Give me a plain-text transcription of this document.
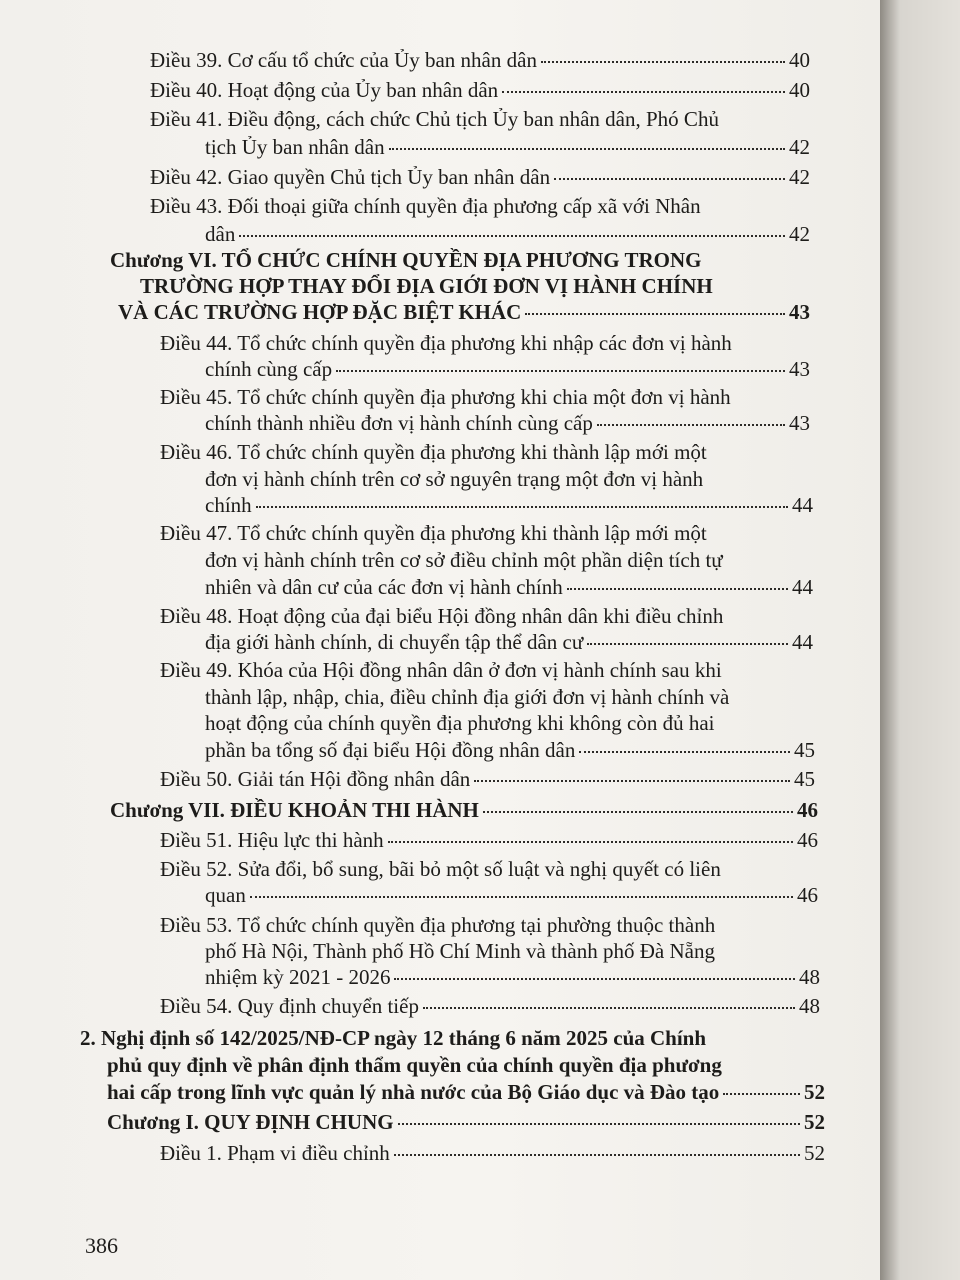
Điều 39. Cơ cấu tổ chức của Ủy ban nhân dân	40
Điều 40. Hoạt động của Ủy ban nhân dân	40
Điều 41. Điều động, cách chức Chủ tịch Ủy ban nhân dân, Phó Chủ
tịch Ủy ban nhân dân	42
Điều 42. Giao quyền Chủ tịch Ủy ban nhân dân	42
Điều 43. Đối thoại giữa chính quyền địa phương cấp xã với Nhân
dân	42
Chương VI. TỔ CHỨC CHÍNH QUYỀN ĐỊA PHƯƠNG TRONG
TRƯỜNG HỢP THAY ĐỔI ĐỊA GIỚI ĐƠN VỊ HÀNH CHÍNH
VÀ CÁC TRƯỜNG HỢP ĐẶC BIỆT KHÁC	43
Điều 44. Tổ chức chính quyền địa phương khi nhập các đơn vị hành
chính cùng cấp	43
Điều 45. Tổ chức chính quyền địa phương khi chia một đơn vị hành
chính thành nhiều đơn vị hành chính cùng cấp	43
Điều 46. Tổ chức chính quyền địa phương khi thành lập mới một
đơn vị hành chính trên cơ sở nguyên trạng một đơn vị hành
chính	44
Điều 47. Tổ chức chính quyền địa phương khi thành lập mới một
đơn vị hành chính trên cơ sở điều chỉnh một phần diện tích tự
nhiên và dân cư của các đơn vị hành chính	44
Điều 48. Hoạt động của đại biểu Hội đồng nhân dân khi điều chỉnh
địa giới hành chính, di chuyển tập thể dân cư	44
Điều 49. Khóa của Hội đồng nhân dân ở đơn vị hành chính sau khi
thành lập, nhập, chia, điều chỉnh địa giới đơn vị hành chính và
hoạt động của chính quyền địa phương khi không còn đủ hai
phần ba tổng số đại biểu Hội đồng nhân dân	45
Điều 50. Giải tán Hội đồng nhân dân	45
Chương VII. ĐIỀU KHOẢN THI HÀNH	46
Điều 51. Hiệu lực thi hành	46
Điều 52. Sửa đổi, bổ sung, bãi bỏ một số luật và nghị quyết có liên
quan	46
Điều 53. Tổ chức chính quyền địa phương tại phường thuộc thành
phố Hà Nội, Thành phố Hồ Chí Minh và thành phố Đà Nẵng
nhiệm kỳ 2021 - 2026	48
Điều 54. Quy định chuyển tiếp	48
2. Nghị định số 142/2025/NĐ-CP ngày 12 tháng 6 năm 2025 của Chính
phủ quy định về phân định thẩm quyền của chính quyền địa phương
hai cấp trong lĩnh vực quản lý nhà nước của Bộ Giáo dục và Đào tạo	52
Chương I. QUY ĐỊNH CHUNG	52
Điều 1. Phạm vi điều chỉnh	52
386
